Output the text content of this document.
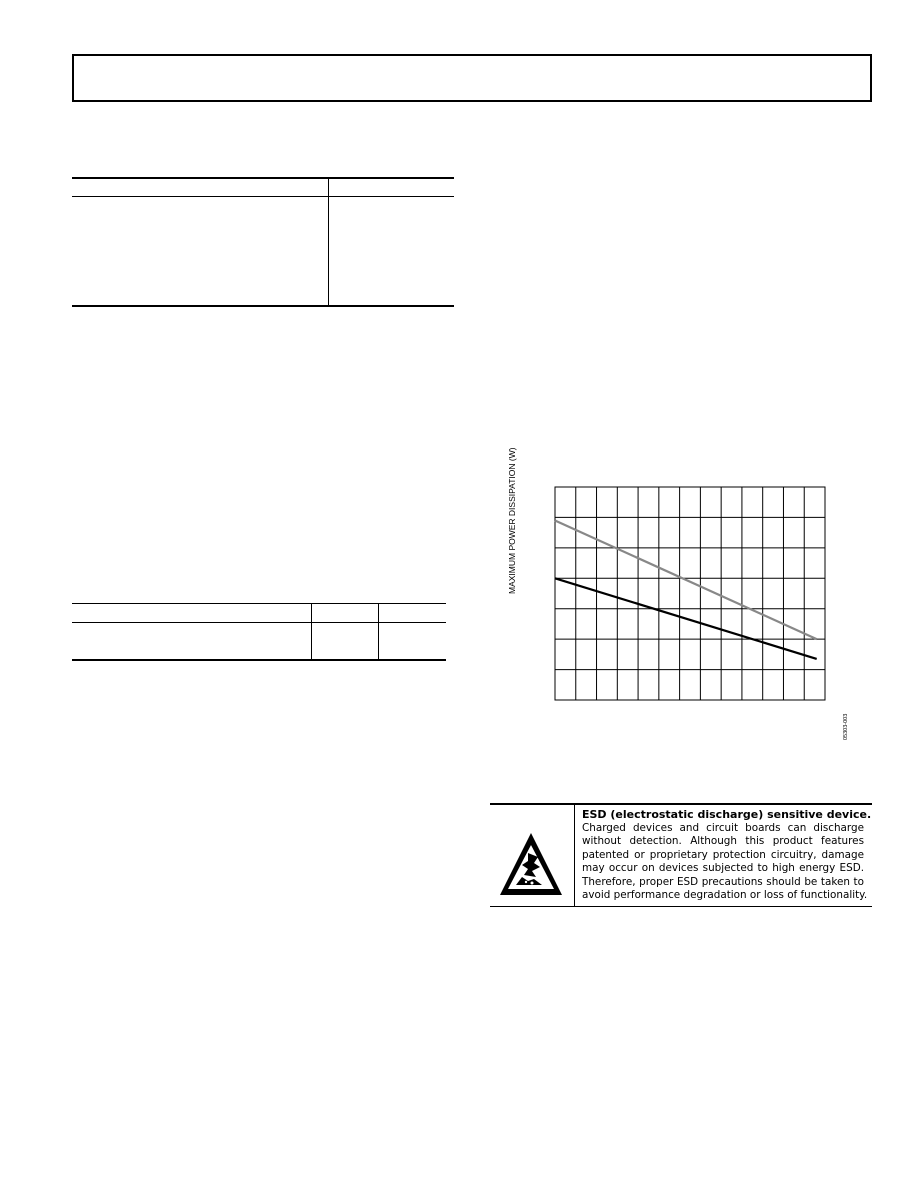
MAXIMUM POWER DISSIPATION (W)
05303-003
ESD (electrostatic discharge) sensitive device.
Charged devices and circuit boards can discharge
without detection. Although this product features
patented or proprietary protection circuitry, damage
may occur on devices subjected to high energy ESD.
Therefore, proper ESD precautions should be taken to
avoid performance degradation or loss of functionality.
